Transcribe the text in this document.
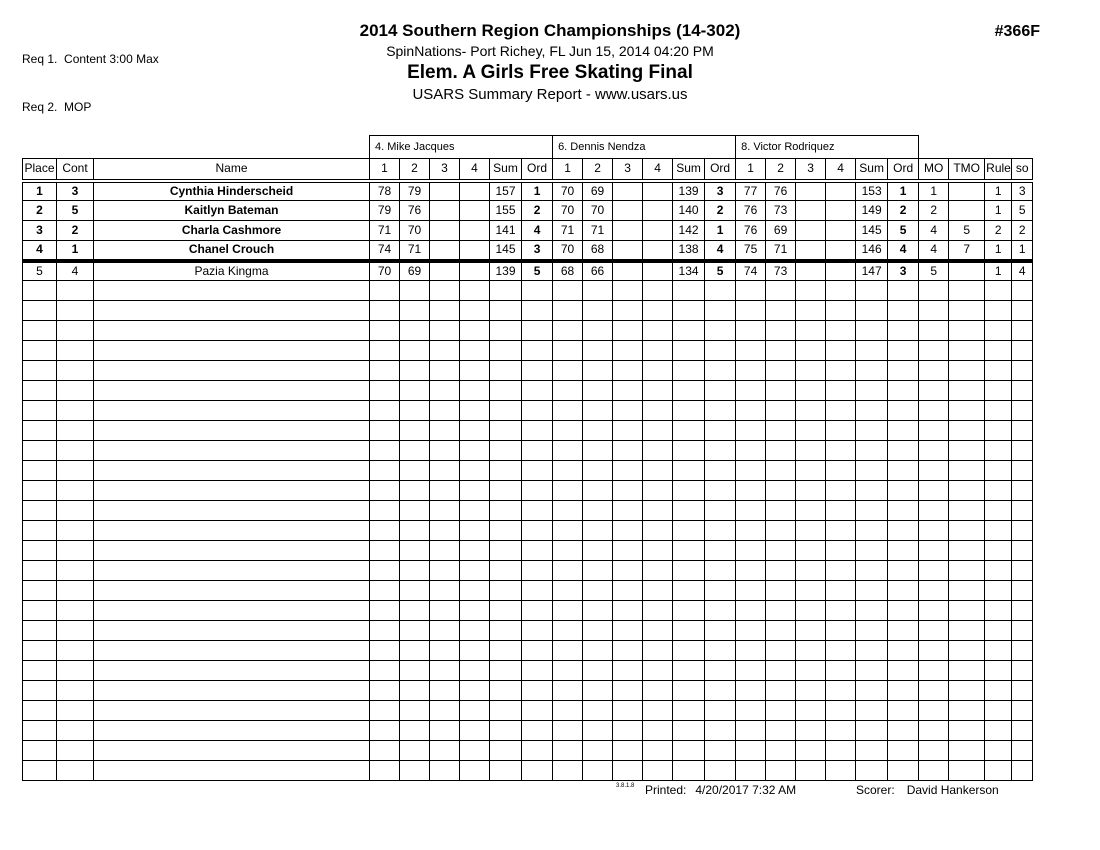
Req 1.  Content 3:00 Max

Req 2.  MOP

2014 Southern Region Championships (14-302)
SpinNations- Port Richey, FL Jun 15, 2014 04:20 PM
Elem. A Girls Free Skating Final
USARS Summary Report - www.usars.us
#366F
			4. Mike Jacques						6. Dennis Nendza						8. Victor Rodriquez									
Place	Cont	Name	1	2	3	4	Sum	Ord	1	2	3	4	Sum	Ord	1	2	3	4	Sum	Ord	MO	TMO	Rule	so
1	3	Cynthia Hinderscheid	78	79			157	1	70	69			139	3	77	76			153	1	1		1	3
2	5	Kaitlyn Bateman	79	76			155	2	70	70			140	2	76	73			149	2	2		1	5
3	2	Charla Cashmore	71	70			141	4	71	71			142	1	76	69			145	5	4	5	2	2
4	1	Chanel Crouch	74	71			145	3	70	68			138	4	75	71			146	4	4	7	1	1
5	4	Pazia Kingma	70	69			139	5	68	66			134	5	74	73			147	3	5		1	4

3.8.1.8 Printed: 4/20/2017 7:32 AM	Scorer: David Hankerson
